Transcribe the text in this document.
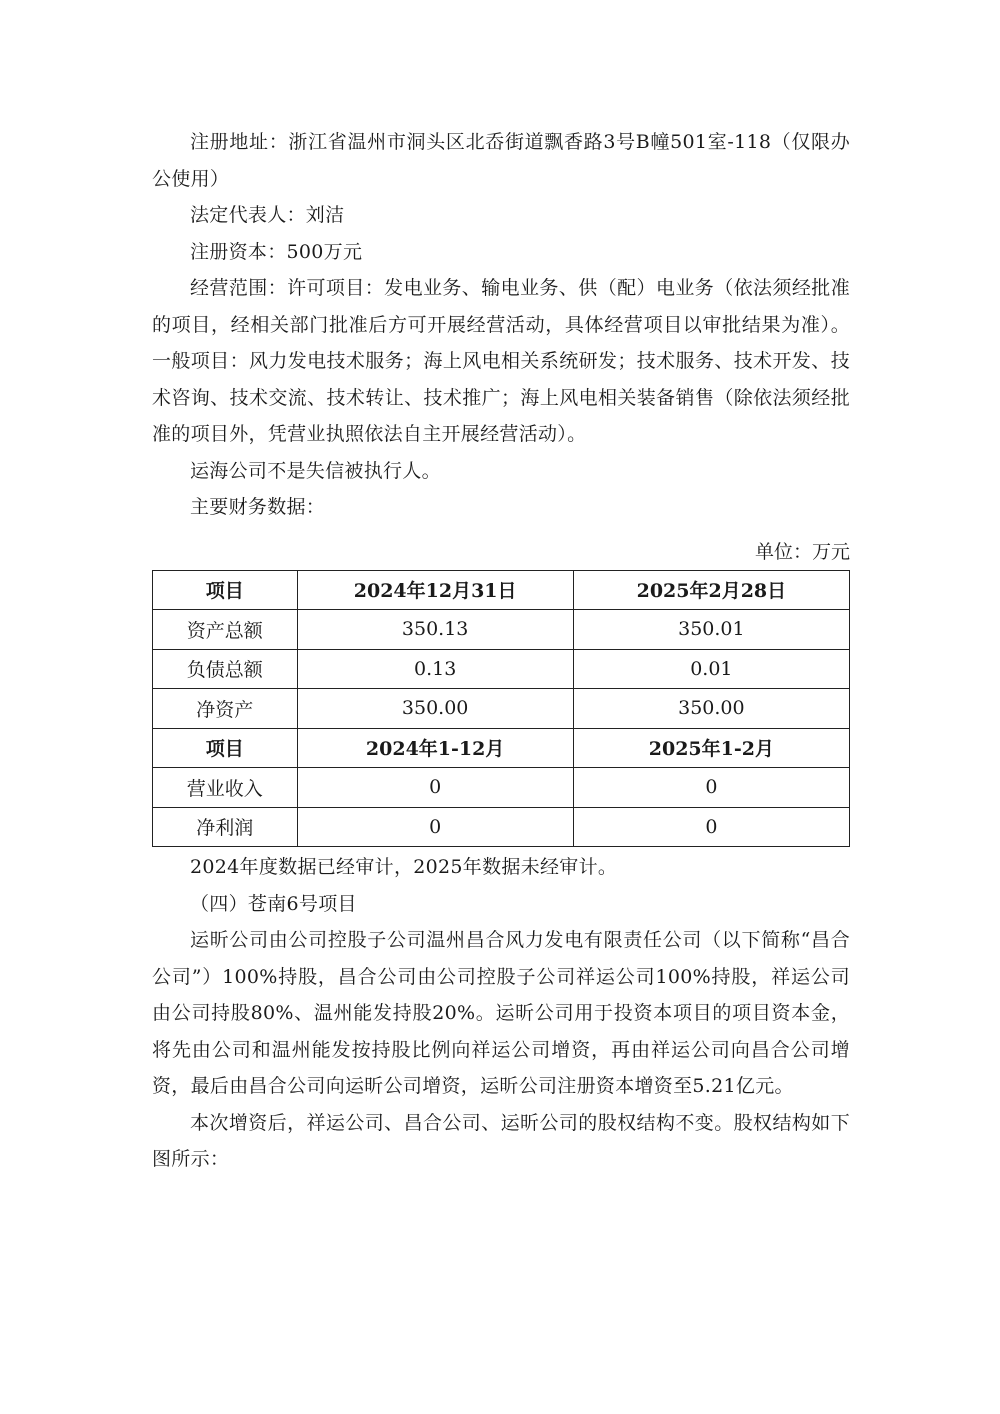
注册地址：浙江省温州市洞头区北岙街道飘香路3号B幢501室-118（仅限办公使用）

法定代表人：刘洁

注册资本：500万元

经营范围：许可项目：发电业务、输电业务、供（配）电业务（依法须经批准的项目，经相关部门批准后方可开展经营活动，具体经营项目以审批结果为准）。一般项目：风力发电技术服务；海上风电相关系统研发；技术服务、技术开发、技术咨询、技术交流、技术转让、技术推广；海上风电相关装备销售（除依法须经批准的项目外，凭营业执照依法自主开展经营活动）。

运海公司不是失信被执行人。

主要财务数据：

单位：万元
项目	2024年12月31日	2025年2月28日
资产总额	350.13	350.01
负债总额	0.13	0.01
净资产	350.00	350.00
项目	2024年1-12月	2025年1-2月
营业收入	0	0
净利润	0	0

2024年度数据已经审计，2025年数据未经审计。

（四）苍南6号项目

运昕公司由公司控股子公司温州昌合风力发电有限责任公司（以下简称“昌合公司”）100%持股，昌合公司由公司控股子公司祥运公司100%持股，祥运公司由公司持股80%、温州能发持股20%。运昕公司用于投资本项目的项目资本金，将先由公司和温州能发按持股比例向祥运公司增资，再由祥运公司向昌合公司增资，最后由昌合公司向运昕公司增资，运昕公司注册资本增资至5.21亿元。

本次增资后，祥运公司、昌合公司、运昕公司的股权结构不变。股权结构如下图所示：
